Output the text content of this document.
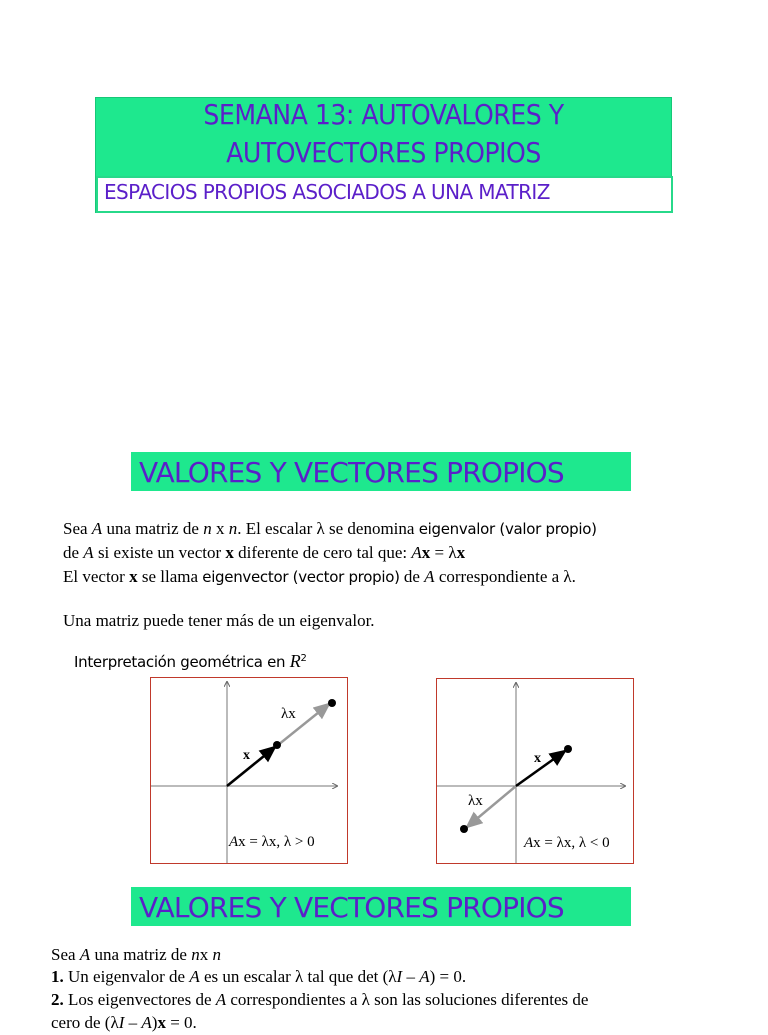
SEMANA 13: AUTOVALORES Y
AUTOVECTORES PROPIOS
ESPACIOS PROPIOS ASOCIADOS A UNA MATRIZ
VALORES Y VECTORES PROPIOS
Sea A una matriz de n x n. El escalar λ se denomina eigenvalor (valor propio)
de A si existe un vector x diferente de cero tal que: Ax = λx
El vector x se llama eigenvector (vector propio) de A correspondiente a λ.
Una matriz puede tener más de un eigenvalor.
Interpretación geométrica en $R^2$
λx
x
Ax = λx, λ > 0
x
λx
Ax = λx, λ < 0
VALORES Y VECTORES PROPIOS
Sea A una matriz de nx n
1. Un eigenvalor de A es un escalar λ tal que det (λI – A) = 0.
2. Los eigenvectores de A correspondientes a λ son las soluciones diferentes de
cero de (λI – A)x = 0.
